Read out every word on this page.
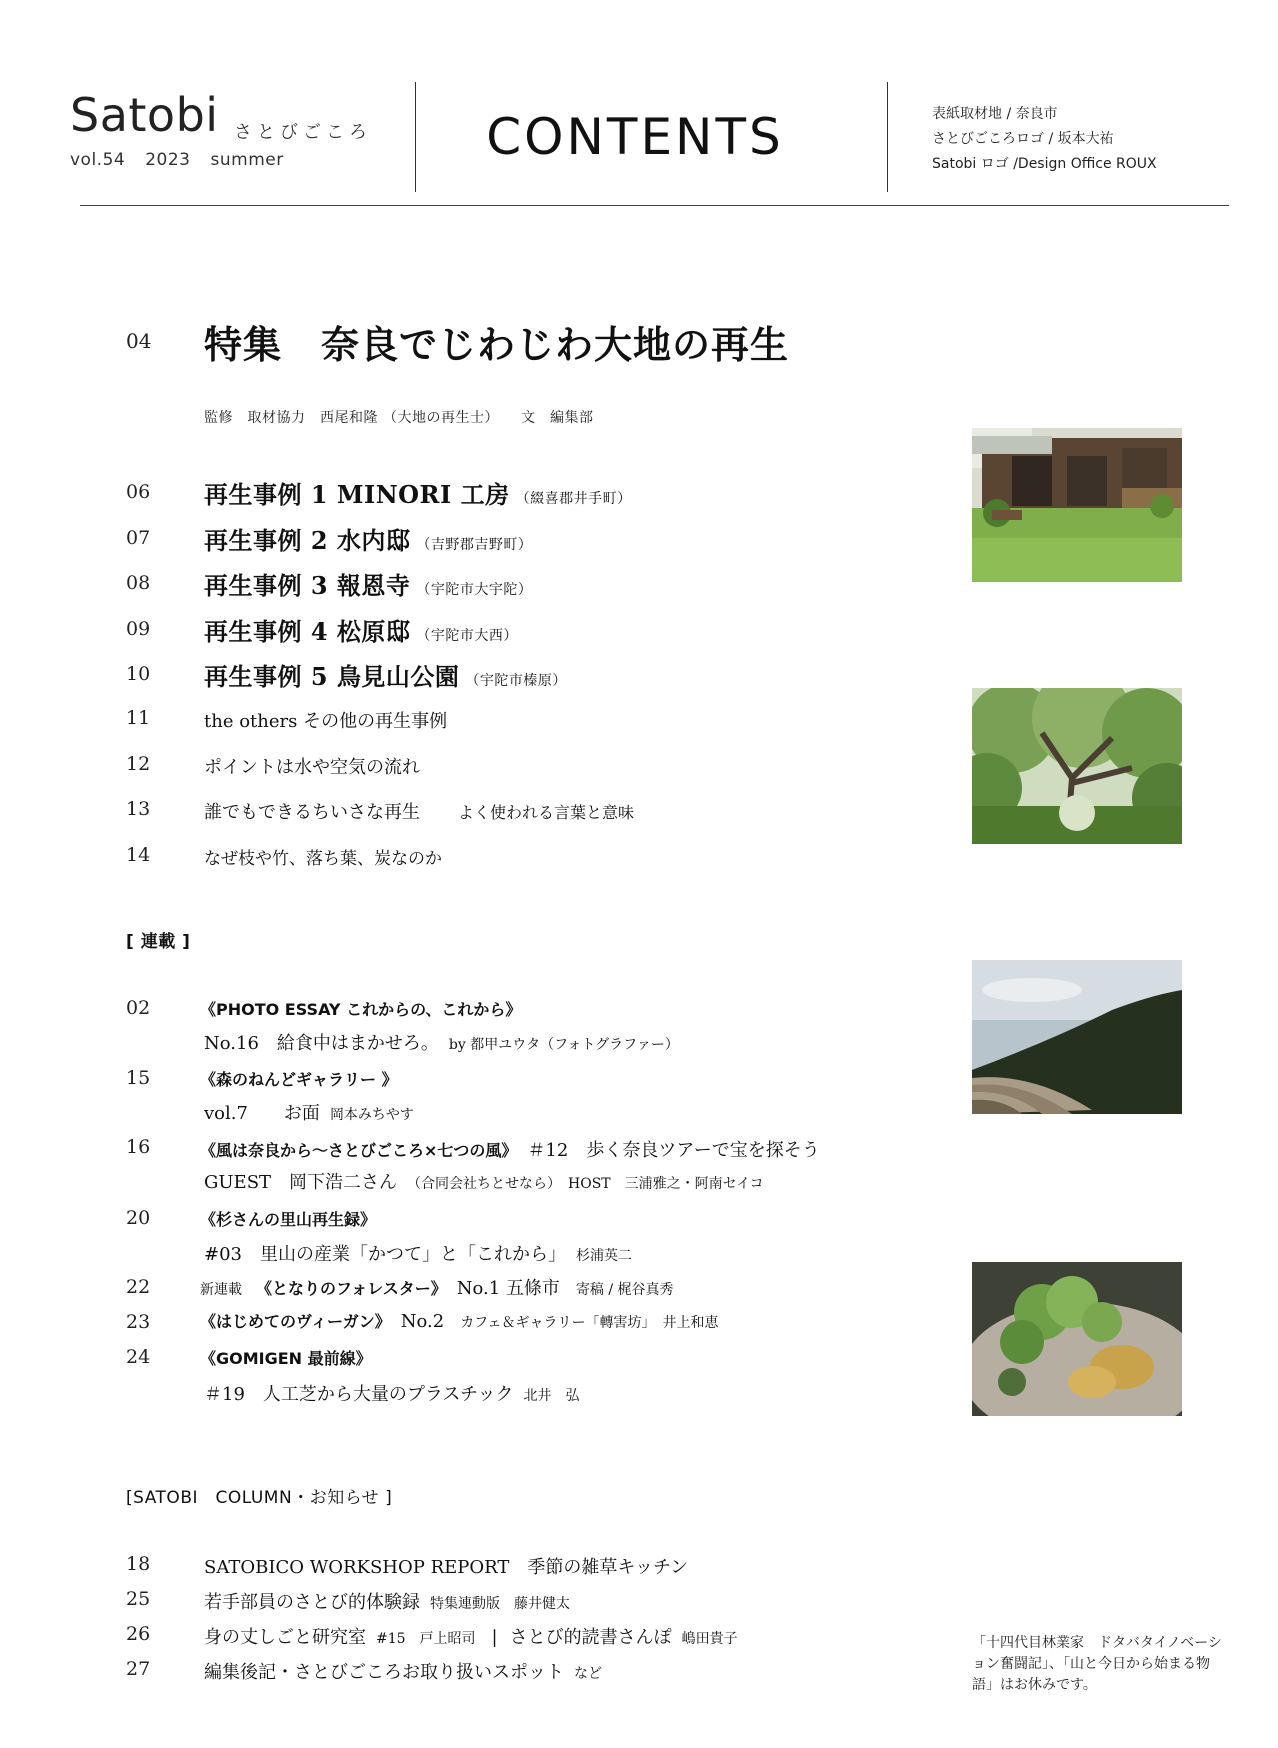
Satobi さとびごころ
vol.54 2023 summer	CONTENTS	表紙取材地 / 奈良市
さとびごころロゴ / 坂本大祐
Satobi ロゴ /Design Office ROUX
04 特集　奈良でじわじわ大地の再生
監修　取材協力　西尾和隆 （大地の再生士）　　文　編集部
06 再生事例 1 MINORI 工房 （綴喜郡井手町）
07 再生事例 2 水内邸 （吉野郡吉野町）
08 再生事例 3 報恩寺 （宇陀市大宇陀）
09 再生事例 4 松原邸 （宇陀市大西）
10 再生事例 5 鳥見山公園 （宇陀市榛原）
11	the others その他の再生事例
12	ポイントは水や空気の流れ
13	誰でもできるちいさな再生 よく使われる言葉と意味
14	なぜ枝や竹、落ち葉、炭なのか
[ 連載 ]
02	《PHOTO ESSAY これからの、これから》
No.16　給食中はまかせろ。 by 都甲ユウタ（フォトグラファー）
15	《森のねんどギャラリー 》
vol.7　　お面 岡本みちやす
16	《風は奈良から〜さとびごころ×七つの風》 ＃12　歩く奈良ツアーで宝を探そう
GUEST　岡下浩二さん （合同会社ちとせなら）　HOST　三浦雅之・阿南セイコ
20	《杉さんの里山再生録》
#03　里山の産業「かつて」と「これから」 杉浦英二
22	新連載 《となりのフォレスター》 No.1 五條市 寄稿 / 梶谷真秀
23	《はじめてのヴィーガン》 No.2 カフェ＆ギャラリー「轉害坊」　井上和恵
24	《GOMIGEN 最前線》
＃19　人工芝から大量のプラスチック 北井　弘
[SATOBI　COLUMN・お知らせ ]
18	SATOBICO WORKSHOP REPORT　季節の雑草キッチン
25	若手部員のさとび的体験録 特集連動版　藤井健太
26	身の丈しごと研究室 #15　戸上昭司 | さとび的読書さんぽ 嶋田貴子
27	編集後記・さとびごころお取り扱いスポット など
「十四代目林業家　ドタバタイノベーション奮闘記」、「山と今日から始まる物語」はお休みです。
